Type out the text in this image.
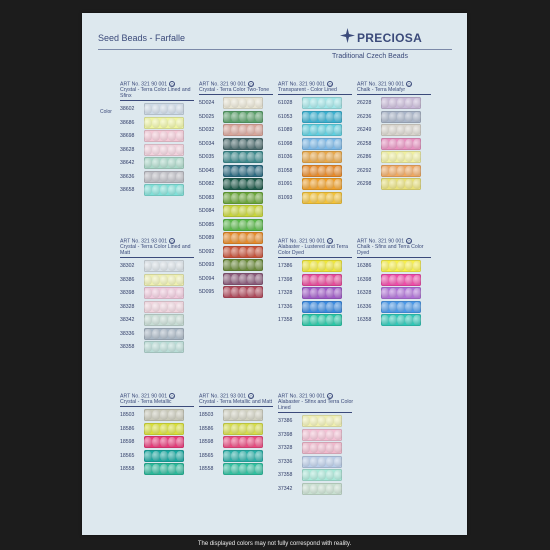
Seed Beads - Farfalle	PRECIOSA
Traditional Czech Beads
Color
ART No. 321 90 001 O
Crystal - Terra Color Lined and Sfinx
38602
38686
38698
38628
38642
38636
38658
ART No. 321 90 001 O
Crystal - Terra Color Two-Tone
5D024
5D025
5D032
5D034
5D035
5D045
5D082
5D083
5D084
5D085
5D089
5D092
5D093
5D094
5D095
ART No. 321 90 001 O
Transparent - Color Lined
61028
61053
61089
61098
81036
81058
81091
81093
ART No. 321 90 001 O
Chalk - Terra Melafyr
26228
26236
26249
26258
26286
26292
26298
ART No. 321 93 001 O
Crystal - Terra Color Lined and Matt
38302
38386
38398
38328
38342
38336
38358
ART No. 321 90 001 O
Alabaster - Lustered and Terra Color Dyed
17386
17398
17328
17336
17358
ART No. 321 90 001 O
Chalk - Sfinx and Terra Color Dyed
16386
16398
16328
16336
16358
ART No. 321 90 001 O
Crystal - Terra Metallic
18503
18586
18598
18565
18558
ART No. 321 93 001 O
Crystal - Terra Metallic and Matt
18503
18586
18598
18565
18558
ART No. 321 90 001 O
Alabaster - Sfinx and Terra Color Lined
37386
37398
37328
37336
37358
37342
The displayed colors may not fully correspond with reality.
